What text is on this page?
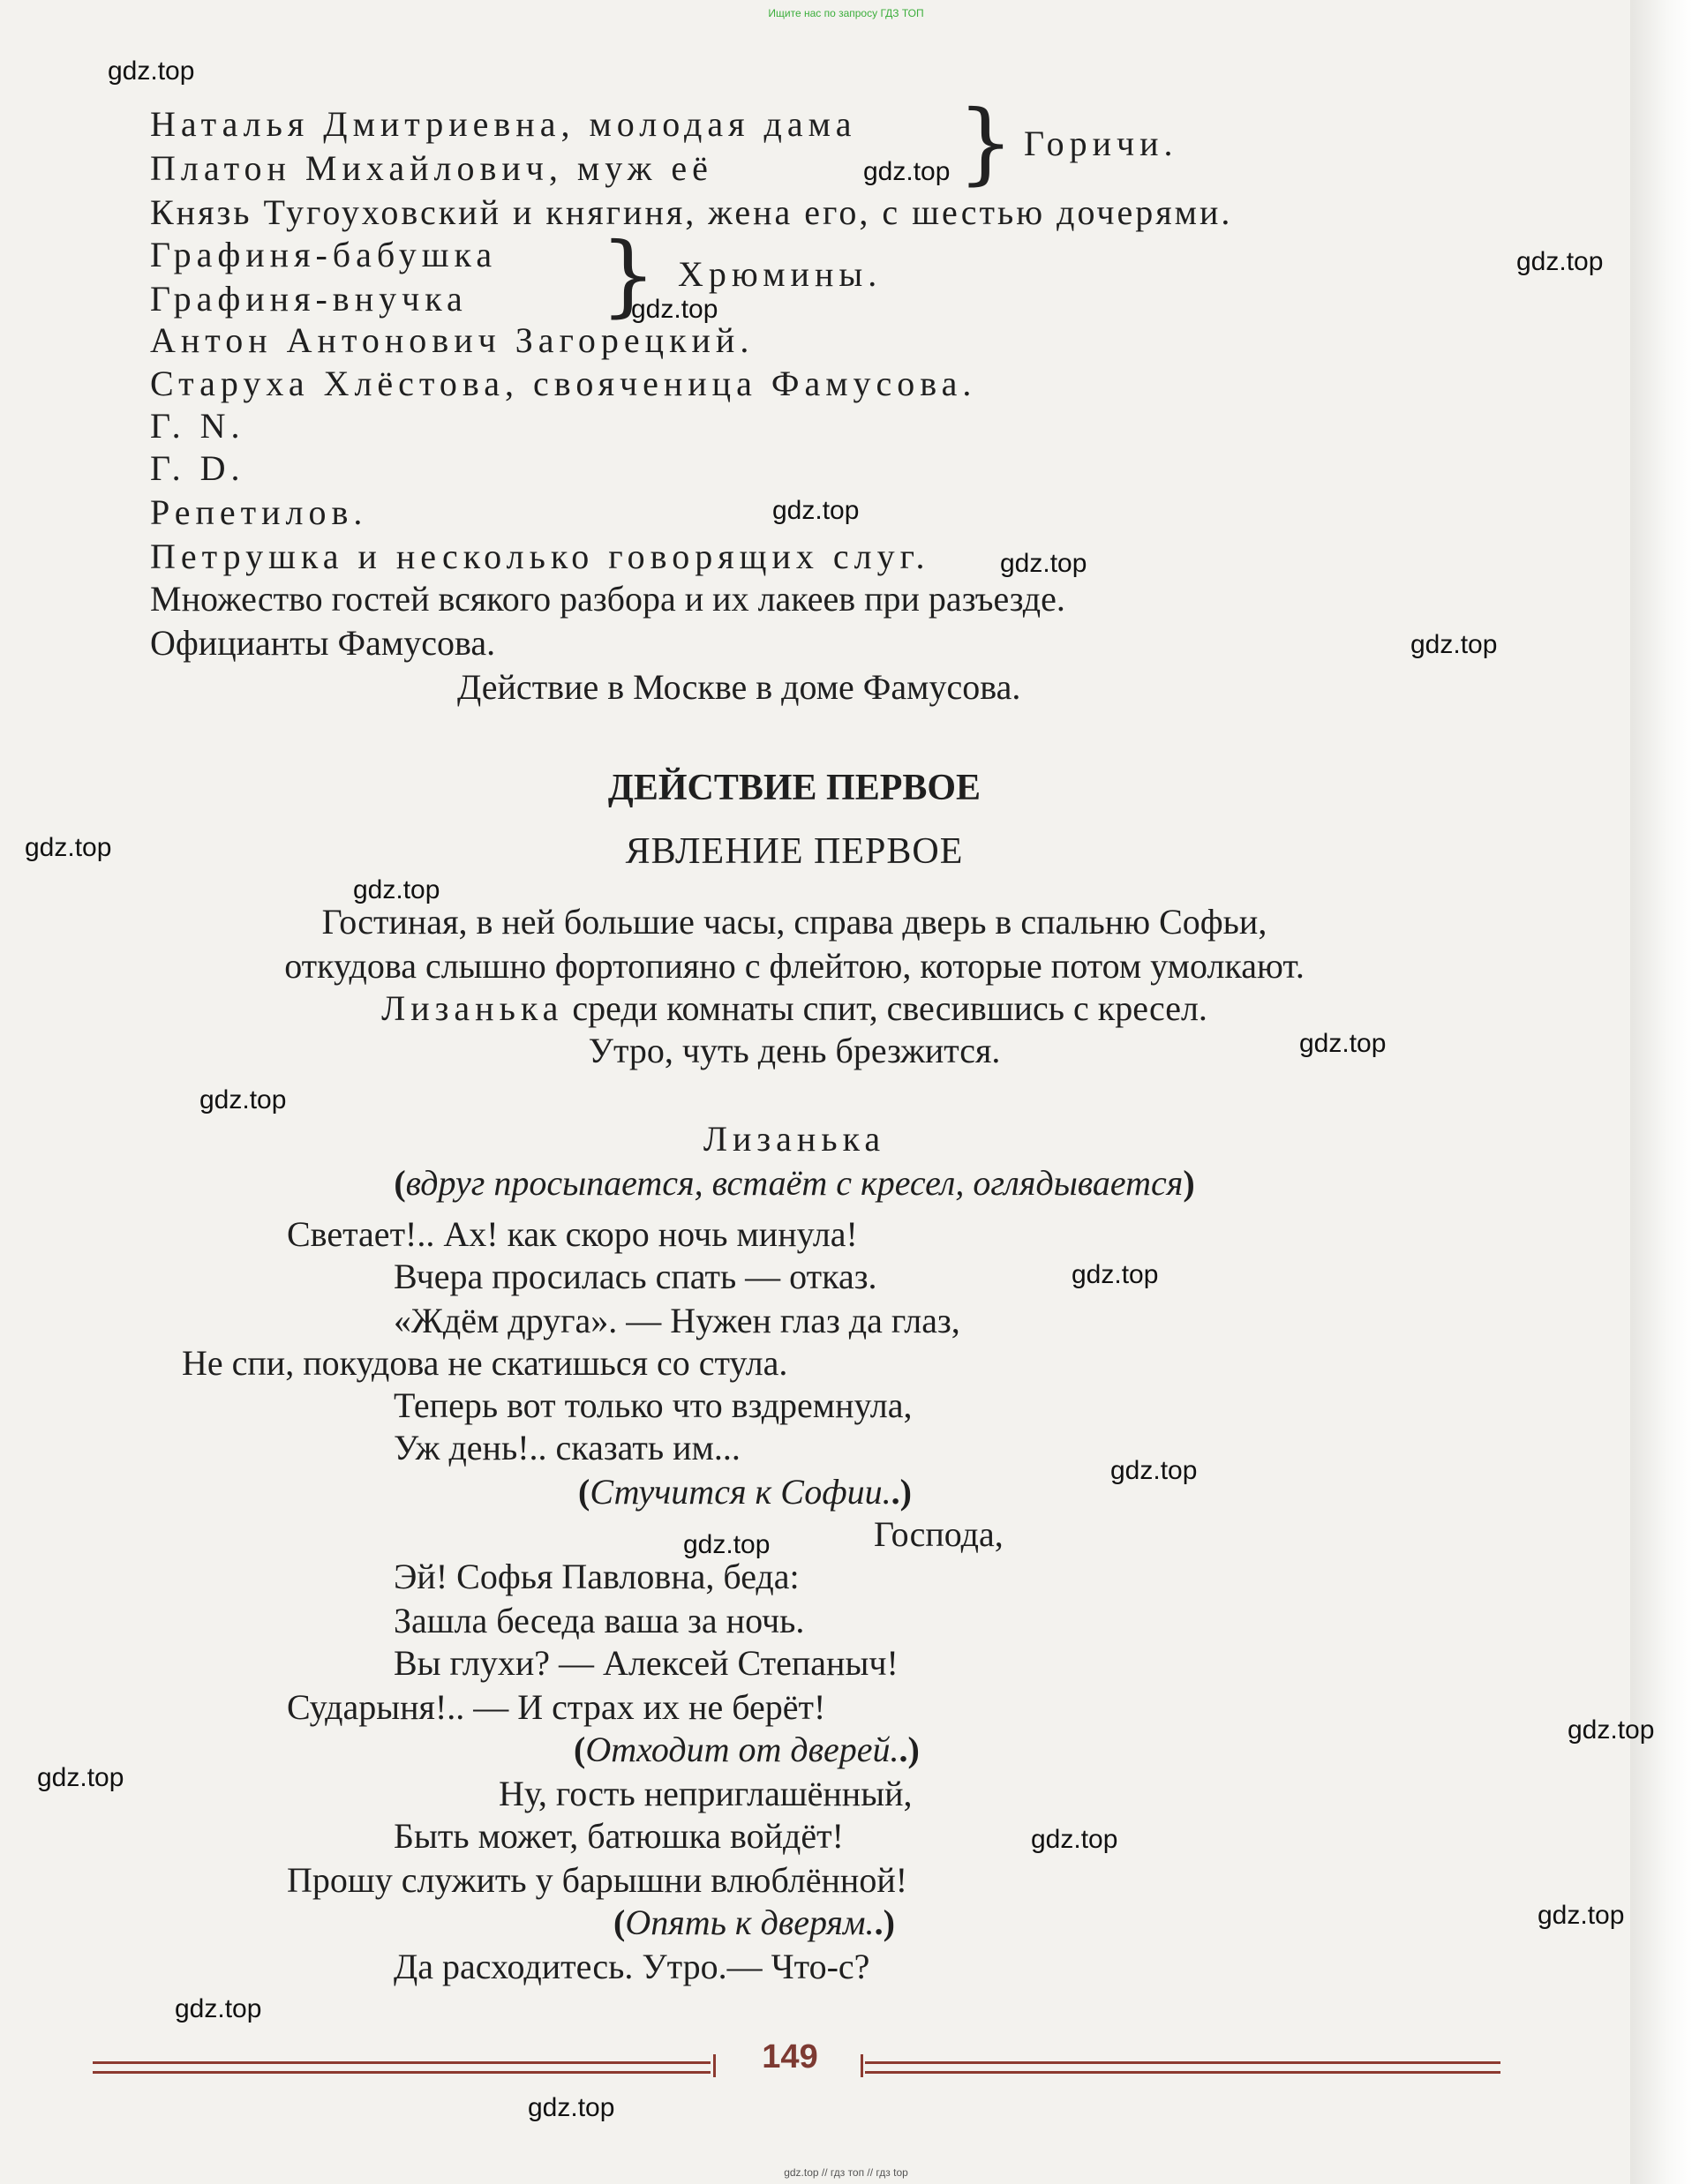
Ищите нас по запросу ГДЗ ТОП
Наталья Дмитриевна, молодая дама
Платон Михайлович, муж её	} Горичи.
Князь Тугоуховский и княгиня, жена его, с шестью дочерями.
Графиня-бабушка
Графиня-внучка } Хрюмины.
Антон Антонович Загорецкий.
Старуха Хлёстова, свояченица Фамусова.
Г. N.
Г. D.
Репетилов.
Петрушка и несколько говорящих слуг.
Множество гостей всякого разбора и их лакеев при разъезде.
Официанты Фамусова.
Действие в Москве в доме Фамусова.
ДЕЙСТВИЕ ПЕРВОЕ
ЯВЛЕНИЕ ПЕРВОЕ
Гостиная, в ней большие часы, справа дверь в спальню Софьи,
откудова слышно фортопияно с флейтою, которые потом умолкают.
Лизанька среди комнаты спит, свесившись с кресел.
Утро, чуть день брезжится.
Лизанька
(вдруг просыпается, встаёт с кресел, оглядывается)
Светает!.. Ах! как скоро ночь минула!
Вчера просилась спать — отказ.
«Ждём друга». — Нужен глаз да глаз,
Не спи, покудова не скатишься со стула.
Теперь вот только что вздремнула,
Уж день!.. сказать им...
(Стучится к Софии..)
Господа,
Эй! Софья Павловна, беда:
Зашла беседа ваша за ночь.
Вы глухи? — Алексей Степаныч!
Сударыня!.. — И страх их не берёт!
(Отходит от дверей..)
Ну, гость неприглашённый,
Быть может, батюшка войдёт!
Прошу служить у барышни влюблённой!
(Опять к дверям..)
Да расходитесь. Утро.— Что-с?
149
gdz.top
gdz.top
gdz.top
gdz.top
gdz.top
gdz.top
gdz.top
gdz.top
gdz.top
gdz.top
gdz.top
gdz.top
gdz.top
gdz.top
gdz.top
gdz.top
gdz.top
gdz.top
gdz.top
gdz.top
gdz.top // гдз топ // гдз top
